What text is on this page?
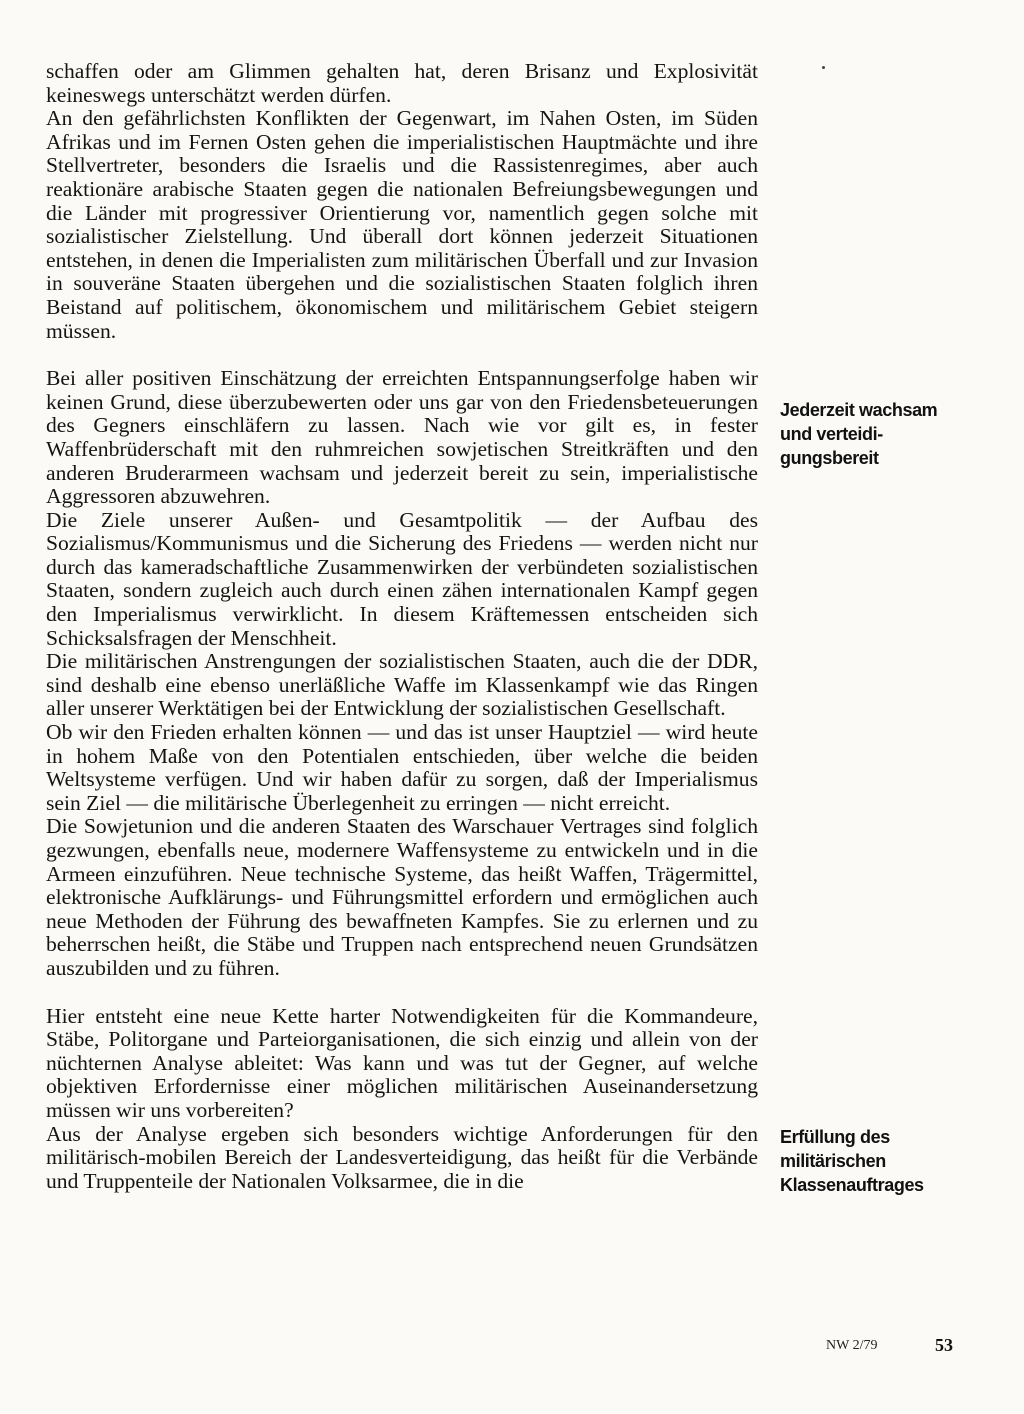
schaffen oder am Glimmen gehalten hat, deren Brisanz und Explosivität keineswegs unterschätzt werden dürfen.

An den gefährlichsten Konflikten der Gegenwart, im Nahen Osten, im Süden Afrikas und im Fernen Osten gehen die imperialistischen Hauptmächte und ihre Stellvertreter, besonders die Israelis und die Rassistenregimes, aber auch reaktionäre arabische Staaten gegen die nationalen Befreiungsbewegungen und die Länder mit progressiver Orientierung vor, namentlich gegen solche mit sozialistischer Zielstellung. Und überall dort können jederzeit Situationen entstehen, in denen die Imperialisten zum militärischen Überfall und zur Invasion in souveräne Staaten übergehen und die sozialistischen Staaten folglich ihren Beistand auf politischem, ökonomischem und militärischem Gebiet steigern müssen.

Bei aller positiven Einschätzung der erreichten Entspannungserfolge haben wir keinen Grund, diese überzubewerten oder uns gar von den Friedensbeteuerungen des Gegners einschläfern zu lassen. Nach wie vor gilt es, in fester Waffenbrüderschaft mit den ruhmreichen sowjetischen Streitkräften und den anderen Bruderarmeen wachsam und jederzeit bereit zu sein, imperialistische Aggressoren abzuwehren.

Die Ziele unserer Außen- und Gesamtpolitik — der Aufbau des Sozialismus/Kommunismus und die Sicherung des Friedens — werden nicht nur durch das kameradschaftliche Zusammenwirken der verbündeten sozialistischen Staaten, sondern zugleich auch durch einen zähen internationalen Kampf gegen den Imperialismus verwirklicht. In diesem Kräftemessen entscheiden sich Schicksalsfragen der Menschheit.

Die militärischen Anstrengungen der sozialistischen Staaten, auch die der DDR, sind deshalb eine ebenso unerläßliche Waffe im Klassenkampf wie das Ringen aller unserer Werktätigen bei der Entwicklung der sozialistischen Gesellschaft.

Ob wir den Frieden erhalten können — und das ist unser Hauptziel — wird heute in hohem Maße von den Potentialen entschieden, über welche die beiden Weltsysteme verfügen. Und wir haben dafür zu sorgen, daß der Imperialismus sein Ziel — die militärische Überlegenheit zu erringen — nicht erreicht.

Die Sowjetunion und die anderen Staaten des Warschauer Vertrages sind folglich gezwungen, ebenfalls neue, modernere Waffensysteme zu entwickeln und in die Armeen einzuführen. Neue technische Systeme, das heißt Waffen, Trägermittel, elektronische Aufklärungs- und Führungsmittel erfordern und ermöglichen auch neue Methoden der Führung des bewaffneten Kampfes. Sie zu erlernen und zu beherrschen heißt, die Stäbe und Truppen nach entsprechend neuen Grundsätzen auszubilden und zu führen.

Hier entsteht eine neue Kette harter Notwendigkeiten für die Kommandeure, Stäbe, Politorgane und Parteiorganisationen, die sich einzig und allein von der nüchternen Analyse ableitet: Was kann und was tut der Gegner, auf welche objektiven Erfordernisse einer möglichen militärischen Auseinandersetzung müssen wir uns vorbereiten?

Aus der Analyse ergeben sich besonders wichtige Anforderungen für den militärisch-mobilen Bereich der Landesverteidigung, das heißt für die Verbände und Truppenteile der Nationalen Volksarmee, die in die

Jederzeit wachsam
und verteidi-
gungsbereit
Erfüllung des
militärischen
Klassenauftrages
NW 2/79	53
